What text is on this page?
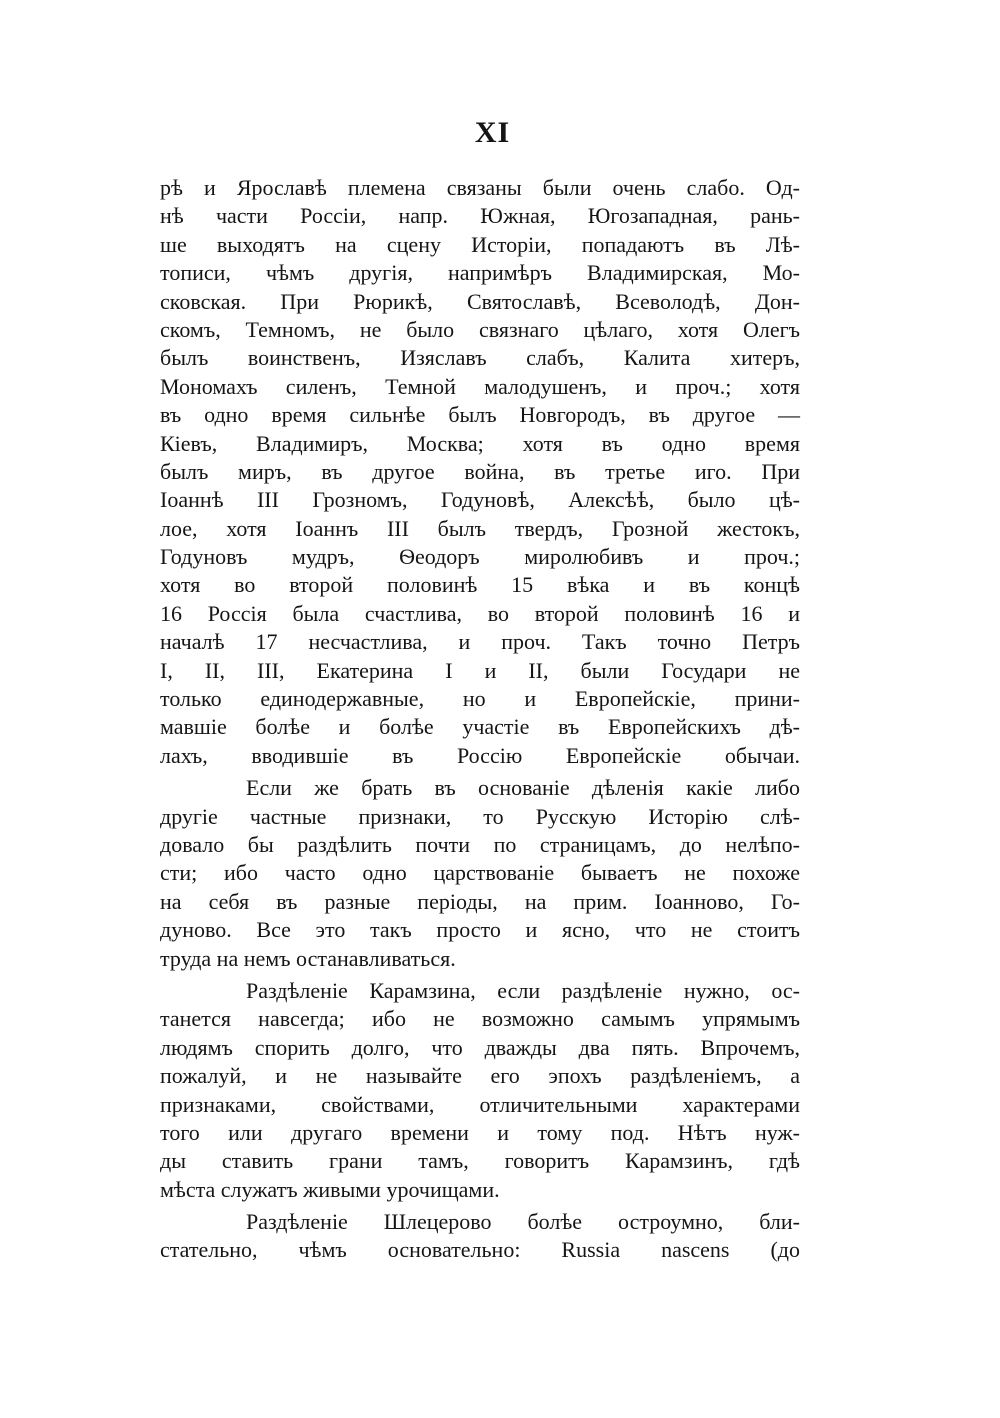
XI
рѣ и Ярославѣ племена связаны были очень слабо. Од-
нѣ части Россіи, напр. Южная, Югозападная, рань-
ше выходятъ на сцену Исторіи, попадаютъ въ Лѣ-
тописи, чѣмъ другія, напримѣръ Владимирская, Мо-
сковская. При Рюрикѣ, Святославѣ, Всеволодѣ, Дон-
скомъ, Темномъ, не было связнаго цѣлаго, хотя Олегъ
былъ воинственъ, Изяславъ слабъ, Калита хитеръ,
Мономахъ силенъ, Темной малодушенъ, и проч.; хотя
въ одно время сильнѣе былъ Новгородъ, въ другое —
Кіевъ, Владимиръ, Москва; хотя въ одно время
былъ миръ, въ другое война, въ третье иго. При
Іоаннѣ III Грозномъ, Годуновѣ, Алексѣѣ, было цѣ-
лое, хотя Іоаннъ III былъ твердъ, Грозной жестокъ,
Годуновъ мудръ, Ѳеодоръ миролюбивъ и проч.;
хотя во второй половинѣ 15 вѣка и въ концѣ
16 Россія была счастлива, во второй половинѣ 16 и
началѣ 17 несчастлива, и проч. Такъ точно Петръ
I, II, III, Екатерина I и II, были Государи не
только единодержавные, но и Европейскіе, прини-
мавшіе болѣе и болѣе участіе въ Европейскихъ дѣ-
лахъ, вводившіе въ Россію Европейскіе обычаи.
Если же брать въ основаніе дѣленія какіе либо
другіе частные признаки, то Русскую Исторію слѣ-
довало бы раздѣлить почти по страницамъ, до нелѣпо-
сти; ибо часто одно царствованіе бываетъ не похоже
на себя въ разные періоды, на прим. Іоанново, Го-
дуново. Все это такъ просто и ясно, что не стоитъ
труда на немъ останавливаться.
Раздѣленіе Карамзина, если раздѣленіе нужно, ос-
танется навсегда; ибо не возможно самымъ упрямымъ
людямъ спорить долго, что дважды два пять. Впрочемъ,
пожалуй, и не называйте его эпохъ раздѣленіемъ, а
признаками, свойствами, отличительными характерами
того или другаго времени и тому под. Нѣтъ нуж-
ды ставить грани тамъ, говоритъ Карамзинъ, гдѣ
мѣста служатъ живыми урочищами.
Раздѣленіе Шлецерово болѣе остроумно, бли-
стательно, чѣмъ основательно: Russia nascens (до
